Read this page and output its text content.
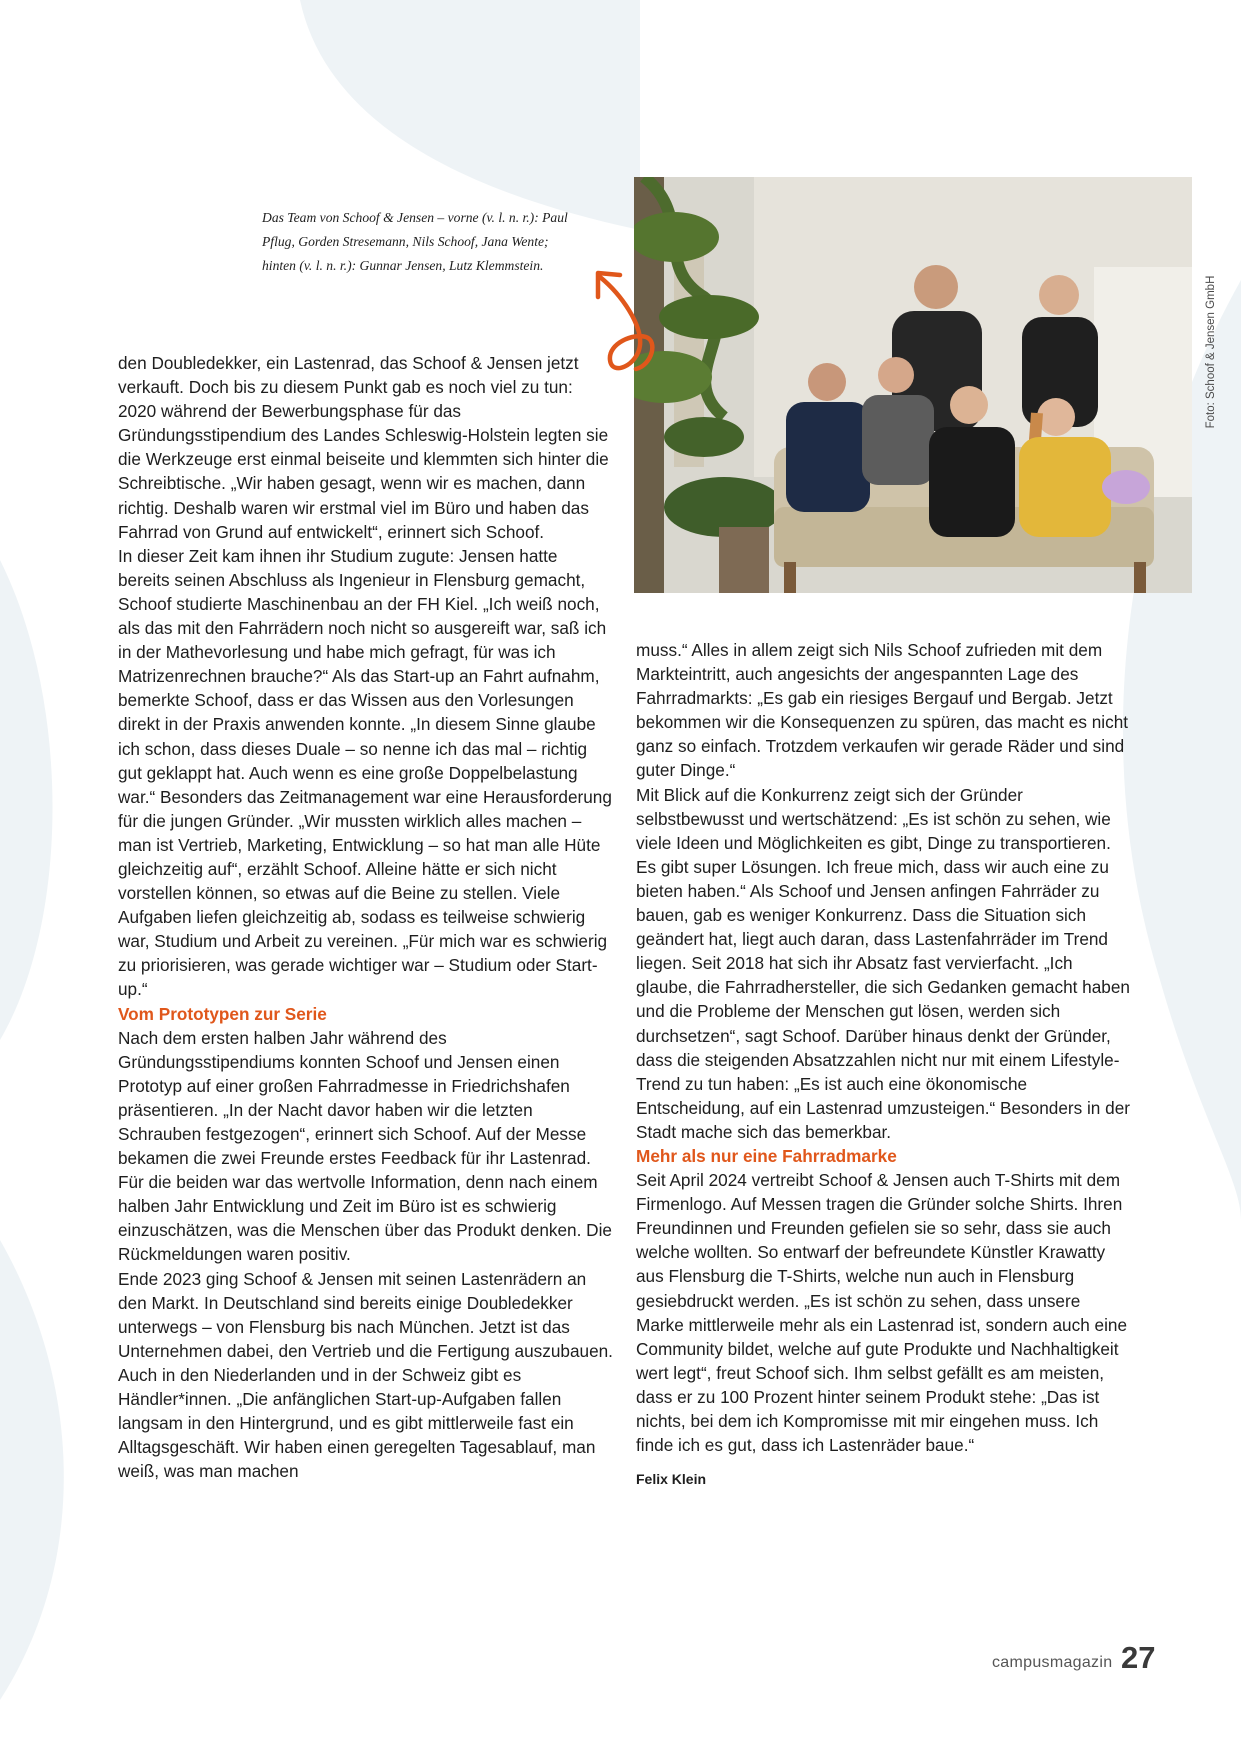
Das Team von Schoof & Jensen – vorne (v. l. n. r.): Paul
Pflug, Gorden Stresemann, Nils Schoof, Jana Wente;
hinten (v. l. n. r.): Gunnar Jensen, Lutz Klemmstein.
Foto: Schoof & Jensen GmbH

den Doubledekker, ein Lastenrad, das Schoof & Jensen jetzt verkauft. Doch bis zu diesem Punkt gab es noch viel zu tun: 2020 während der Bewerbungsphase für das Gründungsstipendium des Landes Schleswig-Holstein legten sie die Werkzeuge erst einmal beiseite und klemmten sich hinter die Schreibtische. „Wir haben gesagt, wenn wir es machen, dann richtig. Deshalb waren wir erstmal viel im Büro und haben das Fahrrad von Grund auf entwickelt“, erinnert sich Schoof.

In dieser Zeit kam ihnen ihr Studium zugute: Jensen hatte bereits seinen Abschluss als Ingenieur in Flensburg gemacht, Schoof studierte Maschinenbau an der FH Kiel. „Ich weiß noch, als das mit den Fahrrädern noch nicht so ausgereift war, saß ich in der Mathevorlesung und habe mich gefragt, für was ich Matrizenrechnen brauche?“ Als das Start-up an Fahrt aufnahm, bemerkte Schoof, dass er das Wissen aus den Vorlesungen direkt in der Praxis anwenden konnte. „In diesem Sinne glaube ich schon, dass dieses Duale – so nenne ich das mal – richtig gut geklappt hat. Auch wenn es eine große Doppelbelastung war.“ Besonders das Zeitmanagement war eine Herausforderung für die jungen Gründer. „Wir mussten wirklich alles machen – man ist Vertrieb, Marketing, Entwicklung – so hat man alle Hüte gleichzeitig auf“, erzählt Schoof. Alleine hätte er sich nicht vorstellen können, so etwas auf die Beine zu stellen. Viele Aufgaben liefen gleichzeitig ab, sodass es teilweise schwierig war, Studium und Arbeit zu vereinen. „Für mich war es schwierig zu priorisieren, was gerade wichtiger war – Studium oder Start-up.“

Vom Prototypen zur Serie

Nach dem ersten halben Jahr während des Gründungsstipendiums konnten Schoof und Jensen einen Prototyp auf einer großen Fahrradmesse in Friedrichshafen präsentieren. „In der Nacht davor haben wir die letzten Schrauben festgezogen“, erinnert sich Schoof. Auf der Messe bekamen die zwei Freunde erstes Feedback für ihr Lastenrad. Für die beiden war das wertvolle Information, denn nach einem halben Jahr Entwicklung und Zeit im Büro ist es schwierig einzuschätzen, was die Menschen über das Produkt denken. Die Rückmeldungen waren positiv.

Ende 2023 ging Schoof & Jensen mit seinen Lastenrädern an den Markt. In Deutschland sind bereits einige Doubledekker unterwegs – von Flensburg bis nach München. Jetzt ist das Unternehmen dabei, den Vertrieb und die Fertigung auszubauen. Auch in den Niederlanden und in der Schweiz gibt es Händler*innen. „Die anfänglichen Start-up-Aufgaben fallen langsam in den Hintergrund, und es gibt mittlerweile fast ein Alltagsgeschäft. Wir haben einen geregelten Tagesablauf, man weiß, was man machen

muss.“ Alles in allem zeigt sich Nils Schoof zufrieden mit dem Markteintritt, auch angesichts der angespannten Lage des Fahrradmarkts: „Es gab ein riesiges Bergauf und Bergab. Jetzt bekommen wir die Konsequenzen zu spüren, das macht es nicht ganz so einfach. Trotzdem verkaufen wir gerade Räder und sind guter Dinge.“

Mit Blick auf die Konkurrenz zeigt sich der Gründer selbstbewusst und wertschätzend: „Es ist schön zu sehen, wie viele Ideen und Möglichkeiten es gibt, Dinge zu transportieren. Es gibt super Lösungen. Ich freue mich, dass wir auch eine zu bieten haben.“ Als Schoof und Jensen anfingen Fahrräder zu bauen, gab es weniger Konkurrenz. Dass die Situation sich geändert hat, liegt auch daran, dass Lastenfahrräder im Trend liegen. Seit 2018 hat sich ihr Absatz fast vervierfacht. „Ich glaube, die Fahrradhersteller, die sich Gedanken gemacht haben und die Probleme der Menschen gut lösen, werden sich durchsetzen“, sagt Schoof. Darüber hinaus denkt der Gründer, dass die steigenden Absatzzahlen nicht nur mit einem Lifestyle-Trend zu tun haben: „Es ist auch eine ökonomische Entscheidung, auf ein Lastenrad umzusteigen.“ Besonders in der Stadt mache sich das bemerkbar.

Mehr als nur eine Fahrradmarke

Seit April 2024 vertreibt Schoof & Jensen auch T-Shirts mit dem Firmenlogo. Auf Messen tragen die Gründer solche Shirts. Ihren Freundinnen und Freunden gefielen sie so sehr, dass sie auch welche wollten. So entwarf der befreundete Künstler Krawatty aus Flensburg die T-Shirts, welche nun auch in Flensburg gesiebdruckt werden. „Es ist schön zu sehen, dass unsere Marke mittlerweile mehr als ein Lastenrad ist, sondern auch eine Community bildet, welche auf gute Produkte und Nachhaltigkeit wert legt“, freut Schoof sich. Ihm selbst gefällt es am meisten, dass er zu 100 Prozent hinter seinem Produkt stehe: „Das ist nichts, bei dem ich Kompromisse mit mir eingehen muss. Ich finde ich es gut, dass ich Lastenräder baue.“

Felix Klein
campusmagazin 27
